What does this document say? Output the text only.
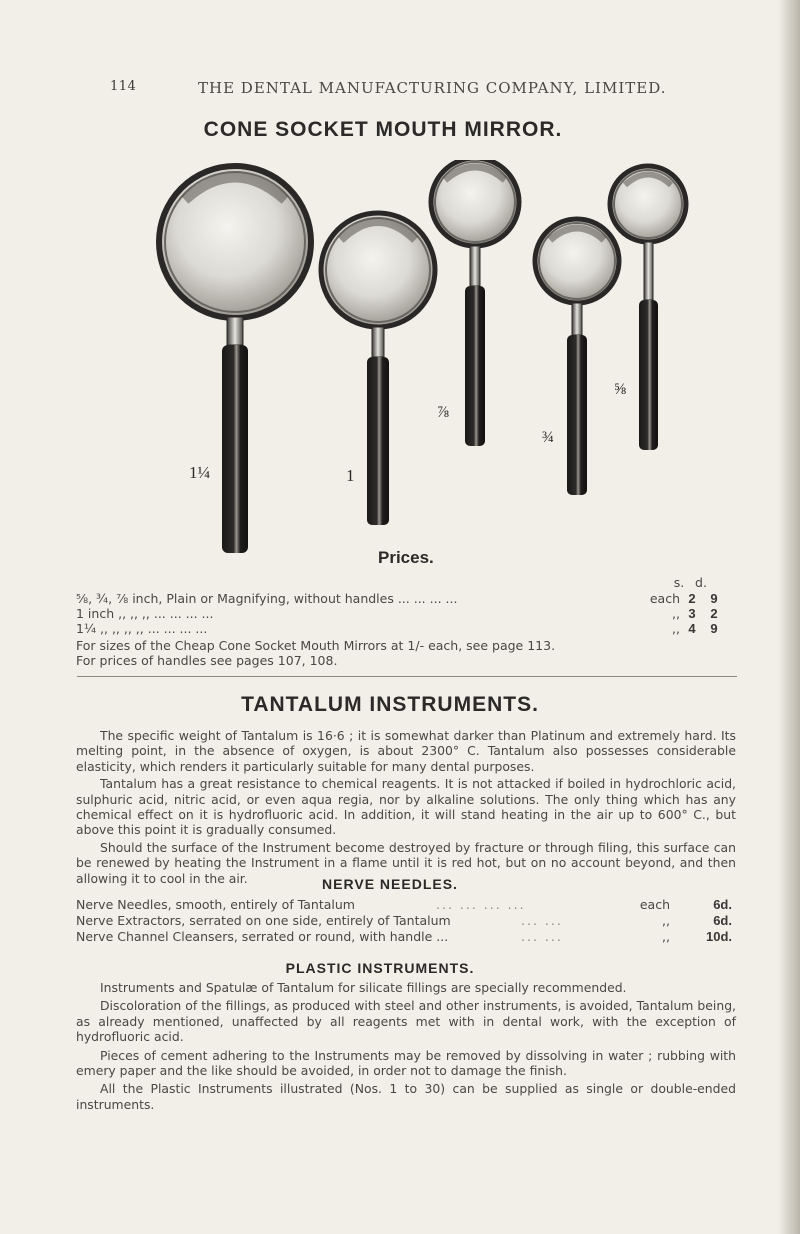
114	THE DENTAL MANUFACTURING COMPANY, LIMITED.
CONE SOCKET MOUTH MIRROR.
1¼	1
⅞
¾
⅝
Prices.
s. d.
⅝, ¾, ⅞ inch, Plain or Magnifying, without handles ... ... ... ...	each 2	9
1 inch ,, ,, ,, ... ... ... ...	,, 3	2
1¼ ,, ,, ,, ,, ... ... ... ...	,, 4	9
For sizes of the Cheap Cone Socket Mouth Mirrors at 1/- each, see page 113.
For prices of handles see pages 107, 108.
TANTALUM INSTRUMENTS.

The specific weight of Tantalum is 16·6 ; it is somewhat darker than Platinum and extremely hard. Its melting point, in the absence of oxygen, is about 2300° C. Tantalum also possesses considerable elasticity, which renders it particularly suitable for many dental purposes.

Tantalum has a great resistance to chemical reagents. It is not attacked if boiled in hydrochloric acid, sulphuric acid, nitric acid, or even aqua regia, nor by alkaline solutions. The only thing which has any chemical effect on it is hydrofluoric acid. In addition, it will stand heating in the air up to 600° C., but above this point it is gradually consumed.

Should the surface of the Instrument become destroyed by fracture or through filing, this surface can be renewed by heating the Instrument in a flame until it is red hot, but on no account beyond, and then allowing it to cool in the air.	NERVE NEEDLES.
Nerve Needles, smooth, entirely of Tantalum	... ... ... ...	each	6d.
Nerve Extractors, serrated on one side, entirely of Tantalum	... ...	,,	6d.
Nerve Channel Cleansers, serrated or round, with handle ...	... ...	,,	10d.
PLASTIC INSTRUMENTS.

Instruments and Spatulæ of Tantalum for silicate fillings are specially recommended.

Discoloration of the fillings, as produced with steel and other instruments, is avoided, Tantalum being, as already mentioned, unaffected by all reagents met with in dental work, with the exception of hydrofluoric acid.

Pieces of cement adhering to the Instruments may be removed by dissolving in water ; rubbing with emery paper and the like should be avoided, in order not to damage the finish.

All the Plastic Instruments illustrated (Nos. 1 to 30) can be supplied as single or double-ended instruments.
